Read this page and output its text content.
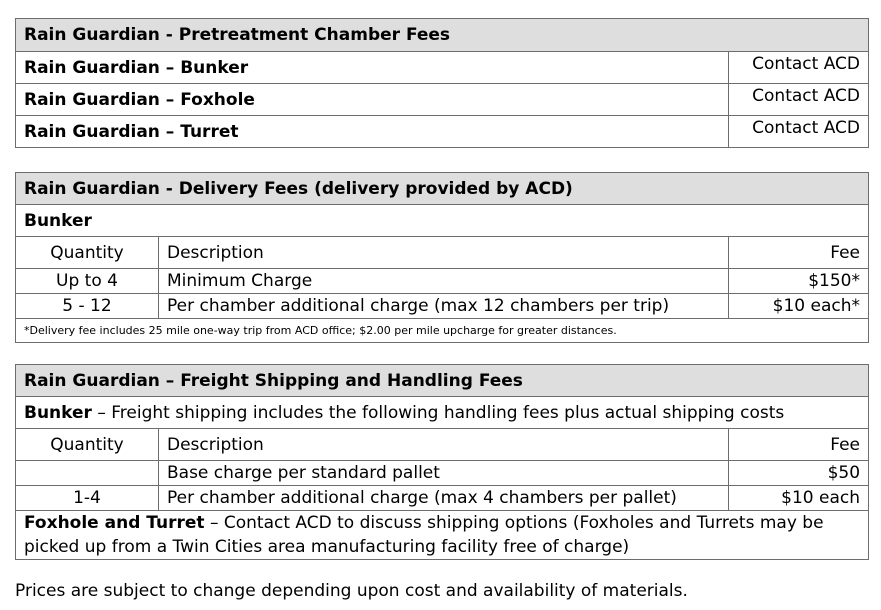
Rain Guardian - Pretreatment Chamber Fees	
Rain Guardian – Bunker	Contact ACD
Rain Guardian – Foxhole	Contact ACD
Rain Guardian – Turret	Contact ACD
Rain Guardian - Delivery Fees (delivery provided by ACD)		
Bunker		
Quantity	Description	Fee
Up to 4	Minimum Charge	$150*
5 - 12	Per chamber additional charge (max 12 chambers per trip)	$10 each*
*Delivery fee includes 25 mile one-way trip from ACD office; $2.00 per mile upcharge for greater distances.		
Rain Guardian – Freight Shipping and Handling Fees		
Bunker – Freight shipping includes the following handling fees plus actual shipping costs		
Quantity	Description	Fee
	Base charge per standard pallet	$50
1-4	Per chamber additional charge (max 4 chambers per pallet)	$10 each
Foxhole and Turret – Contact ACD to discuss shipping options (Foxholes and Turrets may be picked up from a Twin Cities area manufacturing facility free of charge)		
Prices are subject to change depending upon cost and availability of materials.
